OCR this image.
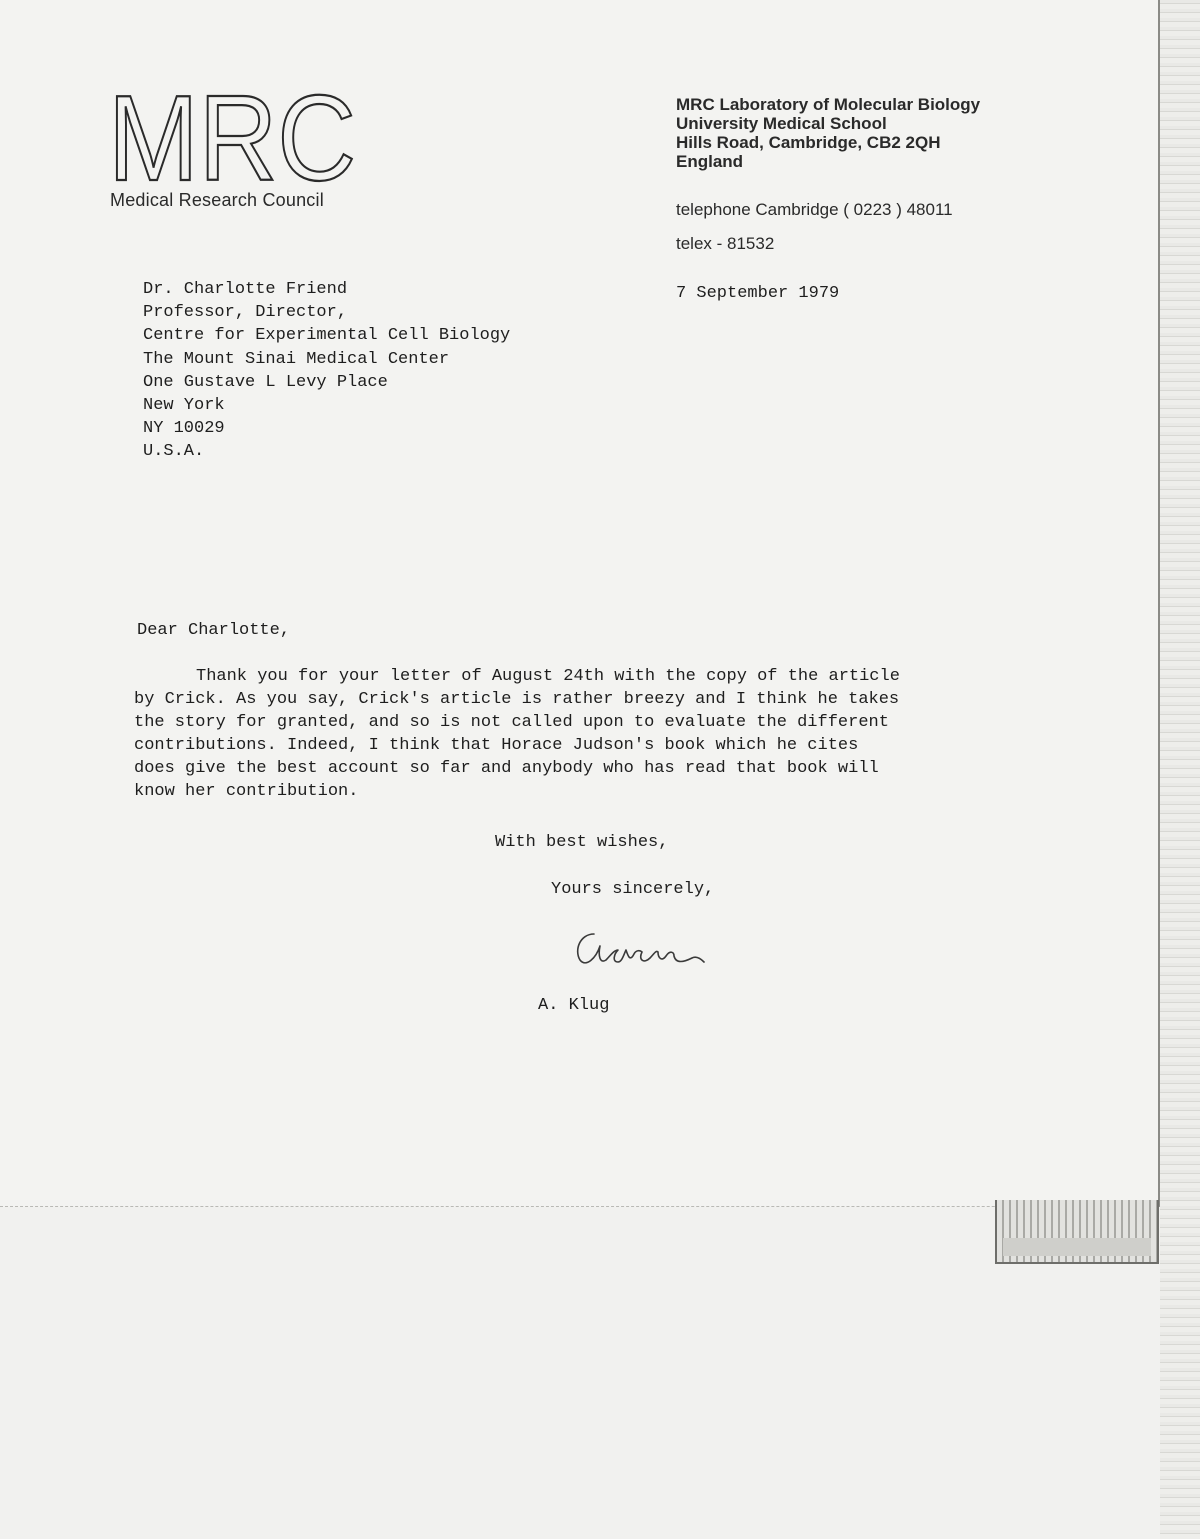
MRC
Medical Research Council
MRC Laboratory of Molecular Biology
University Medical School
Hills Road, Cambridge, CB2 2QH
England
telephone Cambridge ( 0223 ) 48011
telex - 81532
7 September 1979
Dr. Charlotte Friend
Professor, Director,
Centre for Experimental Cell Biology
The Mount Sinai Medical Center
One Gustave L Levy Place
New York
NY 10029
U.S.A.
Dear Charlotte,
Thank you for your letter of August 24th with the copy of the article
by Crick. As you say, Crick's article is rather breezy and I think he takes
the story for granted, and so is not called upon to evaluate the different
contributions. Indeed, I think that Horace Judson's book which he cites
does give the best account so far and anybody who has read that book will
know her contribution.
With best wishes,
Yours sincerely,
A. Klug
